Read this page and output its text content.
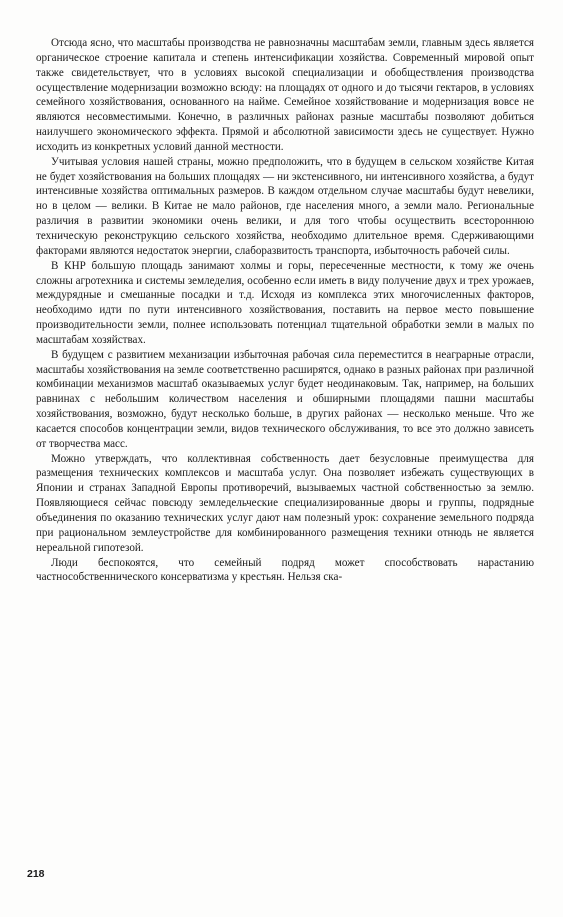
Отсюда ясно, что масштабы производства не равнозначны масштабам земли, главным здесь является органическое строение капитала и степень интенсификации хозяйства. Современный мировой опыт также свидетельствует, что в условиях высокой специализации и обобществления производства осуществление модернизации возможно всюду: на площадях от одного и до тысячи гектаров, в условиях семейного хозяйствования, основанного на найме. Семейное хозяйствование и модернизация вовсе не являются несовместимыми. Конечно, в различных районах разные масштабы позволяют добиться наилучшего экономического эффекта. Прямой и абсолютной зависимости здесь не существует. Нужно исходить из конкретных условий данной местности.

Учитывая условия нашей страны, можно предположить, что в будущем в сельском хозяйстве Китая не будет хозяйствования на больших площадях — ни экстенсивного, ни интенсивного хозяйства, а будут интенсивные хозяйства оптимальных размеров. В каждом отдельном случае масштабы будут невелики, но в целом — велики. В Китае не мало районов, где населения много, а земли мало. Региональные различия в развитии экономики очень велики, и для того чтобы осуществить всестороннюю техническую реконструкцию сельского хозяйства, необходимо длительное время. Сдерживающими факторами являются недостаток энергии, слаборазвитость транспорта, избыточность рабочей силы.

В КНР большую площадь занимают холмы и горы, пересеченные местности, к тому же очень сложны агротехника и системы земледелия, особенно если иметь в виду получение двух и трех урожаев, междурядные и смешанные посадки и т.д. Исходя из комплекса этих многочисленных факторов, необходимо идти по пути интенсивного хозяйствования, поставить на первое место повышение производительности земли, полнее использовать потенциал тщательной обработки земли в малых по масштабам хозяйствах.

В будущем с развитием механизации избыточная рабочая сила переместится в неаграрные отрасли, масштабы хозяйствования на земле соответственно расширятся, однако в разных районах при различной комбинации механизмов масштаб оказываемых услуг будет неодинаковым. Так, например, на больших равнинах с небольшим количеством населения и обширными площадями пашни масштабы хозяйствования, возможно, будут несколько больше, в других районах — несколько меньше. Что же касается способов концентрации земли, видов технического обслуживания, то все это должно зависеть от творчества масс.

Можно утверждать, что коллективная собственность дает безусловные преимущества для размещения технических комплексов и масштаба услуг. Она позволяет избежать существующих в Японии и странах Западной Европы противоречий, вызываемых частной собственностью за землю. Появляющиеся сейчас повсюду земледельческие специализированные дворы и группы, подрядные объединения по оказанию технических услуг дают нам полезный урок: сохранение земельного подряда при рациональном землеустройстве для комбинированного размещения техники отнюдь не является нереальной гипотезой.

Люди беспокоятся, что семейный подряд может способствовать нарастанию частнособственнического консерватизма у крестьян. Нельзя ска-

218
